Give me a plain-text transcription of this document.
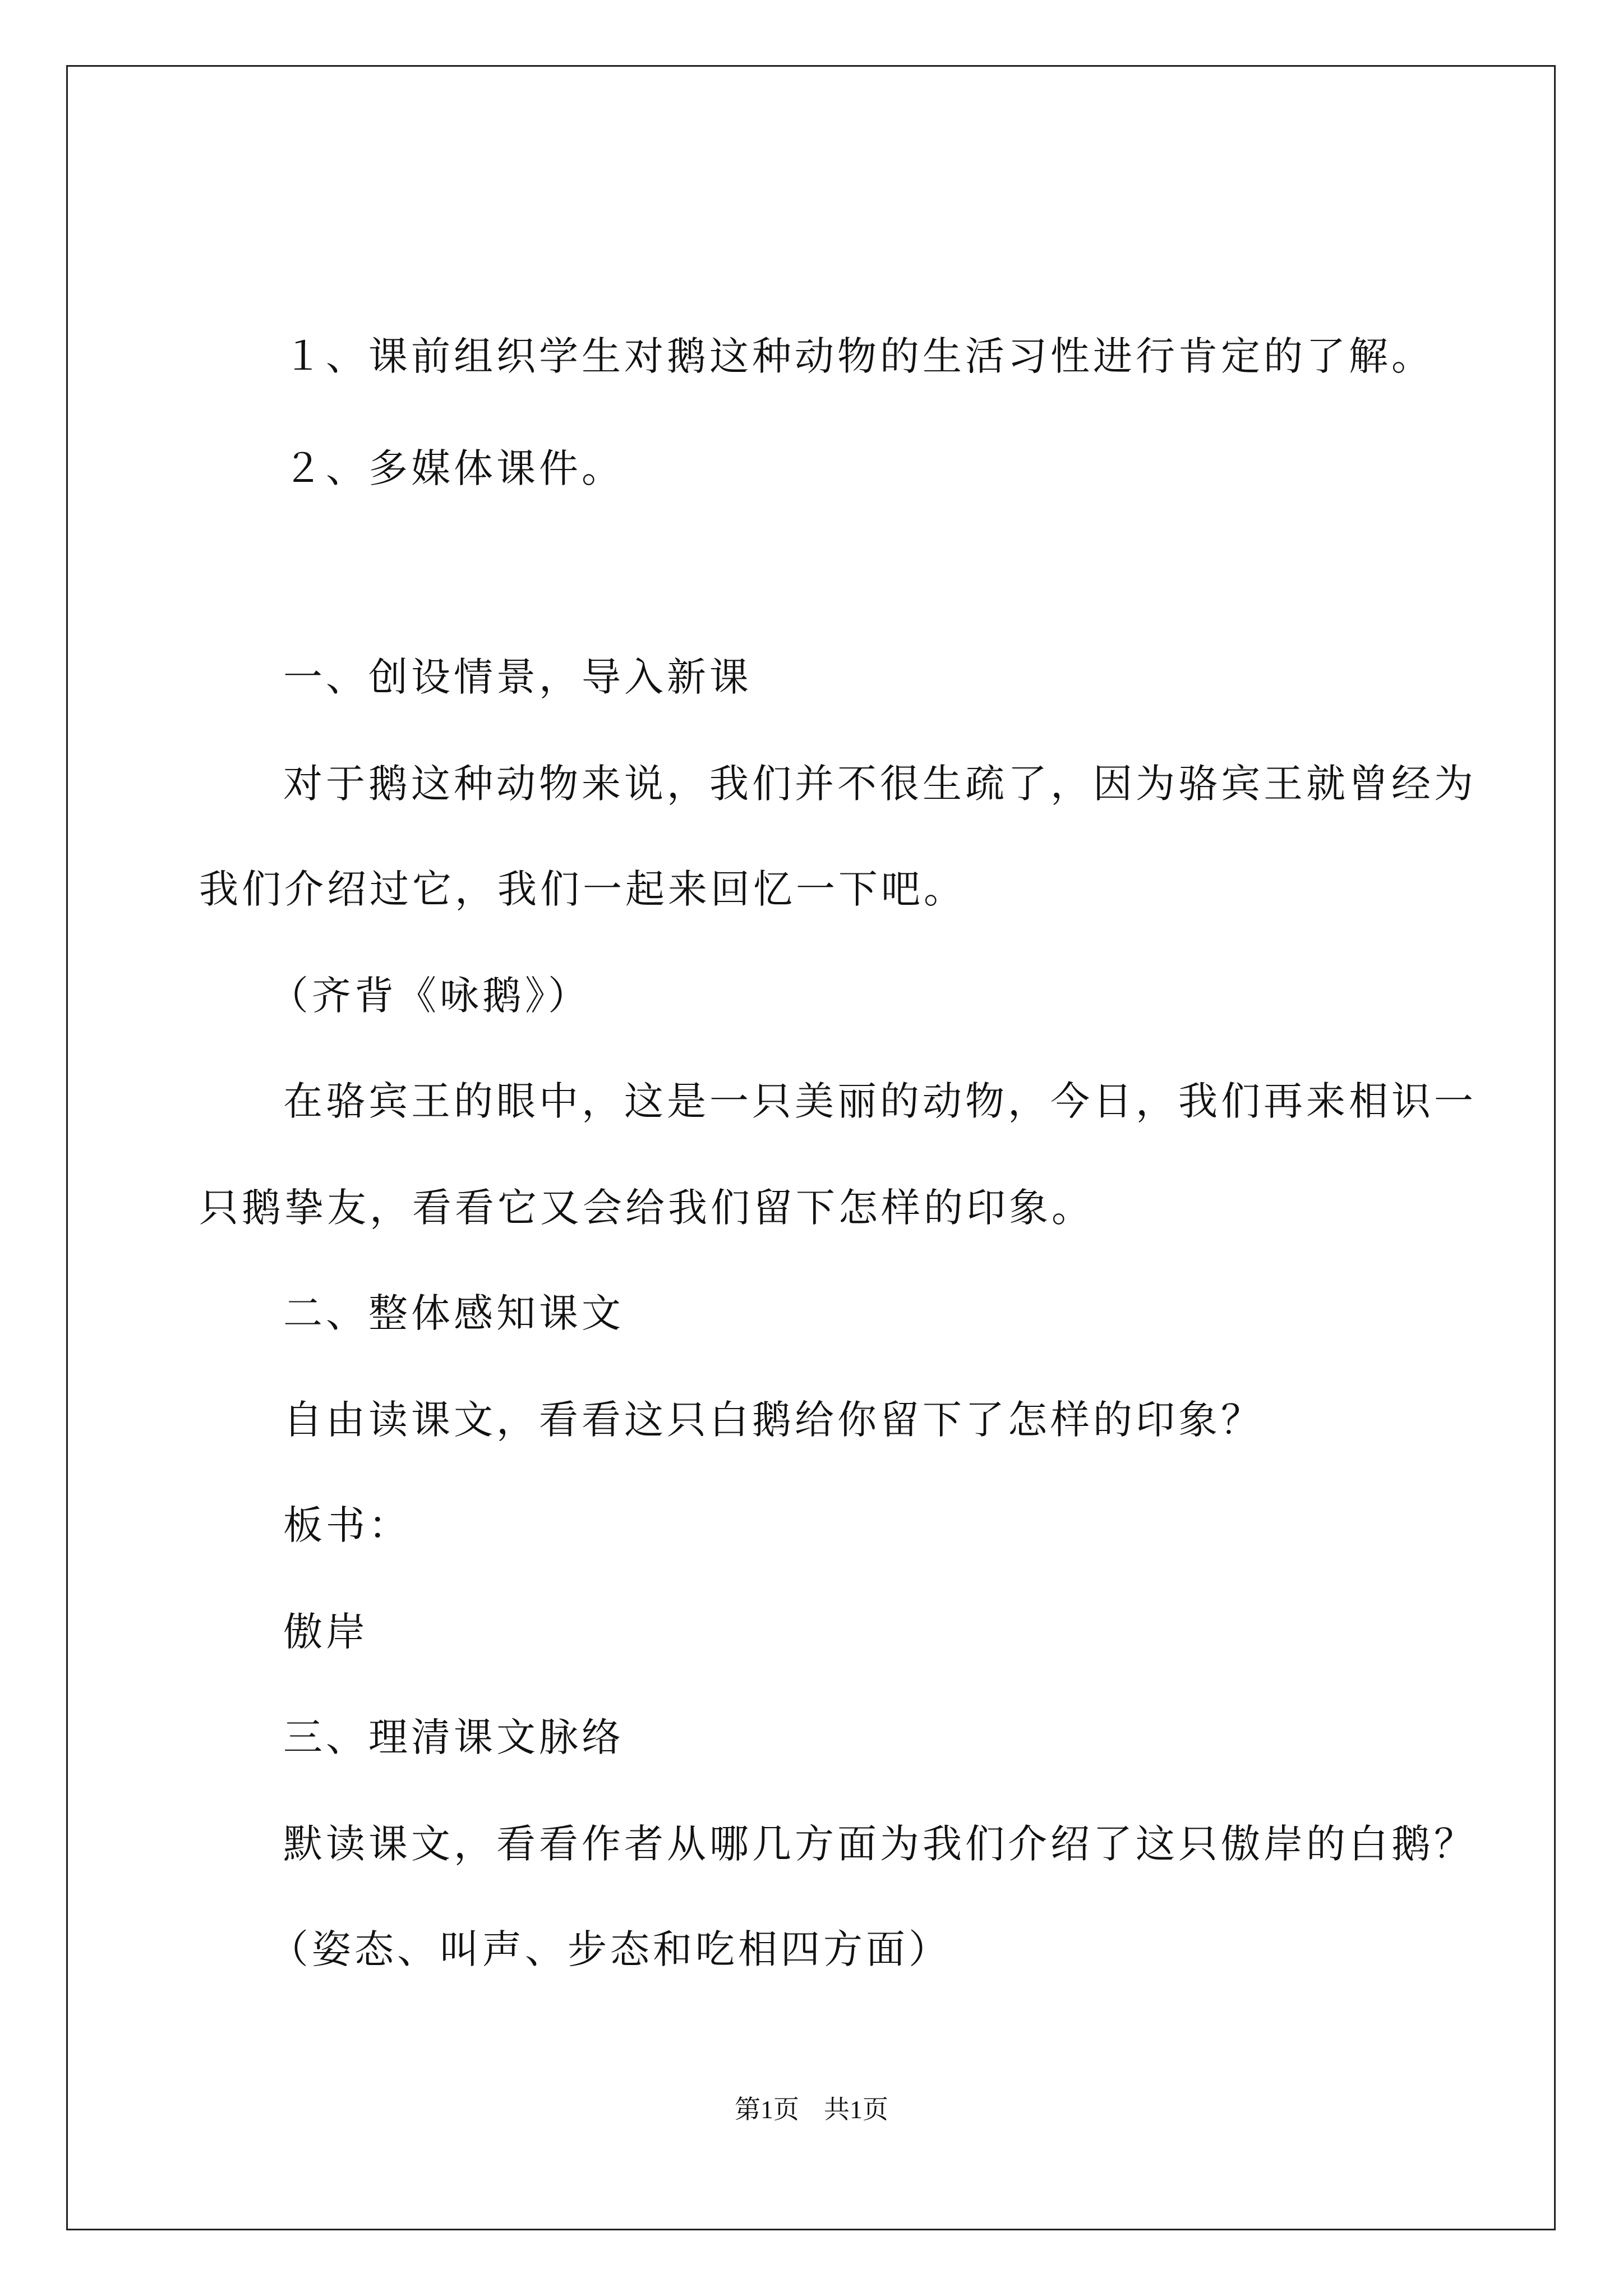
１、课前组织学生对鹅这种动物的生活习性进行肯定的了解。
２、多媒体课件。
一、创设情景，导入新课
对于鹅这种动物来说，我们并不很生疏了，因为骆宾王就曾经为
我们介绍过它，我们一起来回忆一下吧。
（齐背《咏鹅》）
在骆宾王的眼中，这是一只美丽的动物，今日，我们再来相识一
只鹅挚友，看看它又会给我们留下怎样的印象。
二、整体感知课文
自由读课文，看看这只白鹅给你留下了怎样的印象？
板书：
傲岸
三、理清课文脉络
默读课文，看看作者从哪几方面为我们介绍了这只傲岸的白鹅？
（姿态、叫声、步态和吃相四方面）
第1页 共1页
